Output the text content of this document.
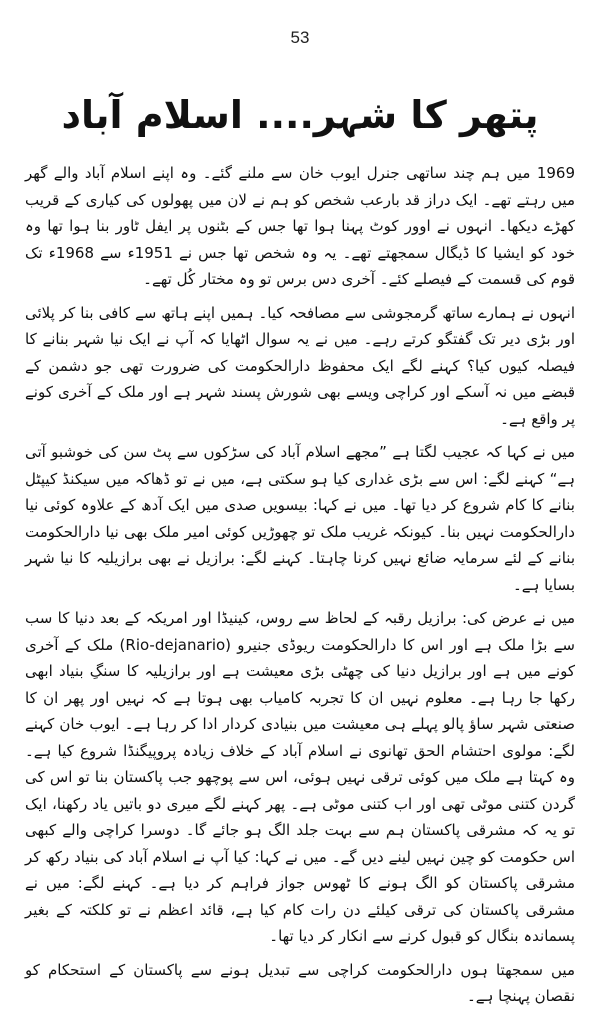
53
پتھر کا شہر.... اسلام آباد

1969 میں ہم چند ساتھی جنرل ایوب خان سے ملنے گئے۔ وہ اپنے اسلام آباد والے گھر میں رہتے تھے۔ ایک دراز قد بارعب شخص کو ہم نے لان میں پھولوں کی کیاری کے قریب کھڑے دیکھا۔ انہوں نے اوور کوٹ پہنا ہوا تھا جس کے بٹنوں پر ایفل ٹاور بنا ہوا تھا وہ خود کو ایشیا کا ڈیگال سمجھتے تھے۔ یہ وہ شخص تھا جس نے 1951ء سے 1968ء تک قوم کی قسمت کے فیصلے کئے۔ آخری دس برس تو وہ مختار کُل تھے۔

انہوں نے ہمارے ساتھ گرمجوشی سے مصافحہ کیا۔ ہمیں اپنے ہاتھ سے کافی بنا کر پلائی اور بڑی دیر تک گفتگو کرتے رہے۔ میں نے یہ سوال اٹھایا کہ آپ نے ایک نیا شہر بنانے کا فیصلہ کیوں کیا؟ کہنے لگے ایک محفوظ دارالحکومت کی ضرورت تھی جو دشمن کے قبضے میں نہ آسکے اور کراچی ویسے بھی شورش پسند شہر ہے اور ملک کے آخری کونے پر واقع ہے۔

میں نے کہا کہ عجیب لگتا ہے ”مجھے اسلام آباد کی سڑکوں سے پٹ سن کی خوشبو آتی ہے“ کہنے لگے: اس سے بڑی غداری کیا ہو سکتی ہے، میں نے تو ڈھاکہ میں سیکنڈ کیپٹل بنانے کا کام شروع کر دیا تھا۔ میں نے کہا: بیسویں صدی میں ایک آدھ کے علاوہ کوئی نیا دارالحکومت نہیں بنا۔ کیونکہ غریب ملک تو چھوڑیں کوئی امیر ملک بھی نیا دارالحکومت بنانے کے لئے سرمایہ ضائع نہیں کرنا چاہتا۔ کہنے لگے: برازیل نے بھی برازیلیہ کا نیا شہر بسایا ہے۔

میں نے عرض کی: برازیل رقبہ کے لحاظ سے روس، کینیڈا اور امریکہ کے بعد دنیا کا سب سے بڑا ملک ہے اور اس کا دارالحکومت ریوڈی جنیرو (Rio-dejanario) ملک کے آخری کونے میں ہے اور برازیل دنیا کی چھٹی بڑی معیشت ہے اور برازیلیہ کا سنگِ بنیاد ابھی رکھا جا رہا ہے۔ معلوم نہیں ان کا تجربہ کامیاب بھی ہوتا ہے کہ نہیں اور پھر ان کا صنعتی شہر ساؤ پالو پہلے ہی معیشت میں بنیادی کردار ادا کر رہا ہے۔ ایوب خان کہنے لگے: مولوی احتشام الحق تھانوی نے اسلام آباد کے خلاف زیادہ پروپیگنڈا شروع کیا ہے۔ وہ کہتا ہے ملک میں کوئی ترقی نہیں ہوئی، اس سے پوچھو جب پاکستان بنا تو اس کی گردن کتنی موٹی تھی اور اب کتنی موٹی ہے۔ پھر کہنے لگے میری دو باتیں یاد رکھنا، ایک تو یہ کہ مشرقی پاکستان ہم سے بہت جلد الگ ہو جائے گا۔ دوسرا کراچی والے کبھی اس حکومت کو چین نہیں لینے دیں گے۔ میں نے کہا: کیا آپ نے اسلام آباد کی بنیاد رکھ کر مشرقی پاکستان کو الگ ہونے کا ٹھوس جواز فراہم کر دیا ہے۔ کہنے لگے: میں نے مشرقی پاکستان کی ترقی کیلئے دن رات کام کیا ہے، قائد اعظم نے تو کلکتہ کے بغیر پسماندہ بنگال کو قبول کرنے سے انکار کر دیا تھا۔

میں سمجھتا ہوں دارالحکومت کراچی سے تبدیل ہونے سے پاکستان کے استحکام کو نقصان پہنچا ہے۔
